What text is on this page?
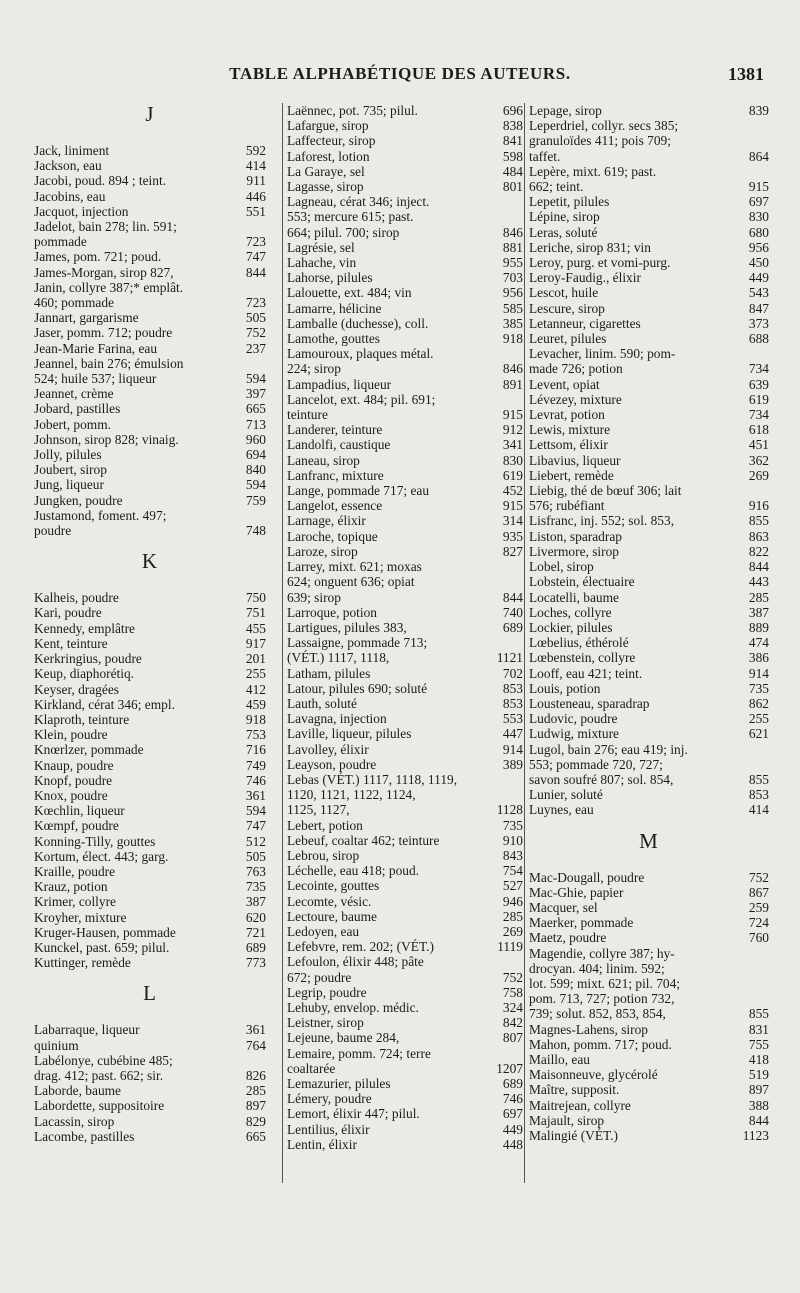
TABLE ALPHABÉTIQUE DES AUTEURS.	1381
J
Jack, liniment	592
Jackson, eau	414
Jacobi, poud. 894 ; teint.	911
Jacobins, eau	446
Jacquot, injection	551
Jadelot, bain 278; lin. 591;
pommade	723
James, pom. 721; poud.	747
James-Morgan, sirop 827,	844
Janin, collyre 387;* emplât.
460; pommade	723
Jannart, gargarisme	505
Jaser, pomm. 712; poudre	752
Jean-Marie Farina, eau	237
Jeannel, bain 276; émulsion
524; huile 537; liqueur	594
Jeannet, crème	397
Jobard, pastilles	665
Jobert, pomm.	713
Johnson, sirop 828; vinaig.	960
Jolly, pilules	694
Joubert, sirop	840
Jung, liqueur	594
Jungken, poudre	759
Justamond, foment. 497;
poudre	748
K
Kalheis, poudre	750
Kari, poudre	751
Kennedy, emplâtre	455
Kent, teinture	917
Kerkringius, poudre	201
Keup, diaphorétiq.	255
Keyser, dragées	412
Kirkland, cérat 346; empl.	459
Klaproth, teinture	918
Klein, poudre	753
Knœrlzer, pommade	716
Knaup, poudre	749
Knopf, poudre	746
Knox, poudre	361
Kœchlin, liqueur	594
Kœmpf, poudre	747
Konning-Tilly, gouttes	512
Kortum, élect. 443; garg.	505
Kraille, poudre	763
Krauz, potion	735
Krimer, collyre	387
Kroyher, mixture	620
Kruger-Hausen, pommade	721
Kunckel, past. 659; pilul.	689
Kuttinger, remède	773
L
Labarraque, liqueur	361
quinium	764
Labélonye, cubébine 485;
drag. 412; past. 662; sir.	826
Laborde, baume	285
Labordette, suppositoire	897
Lacassin, sirop	829
Lacombe, pastilles	665
Laënnec, pot. 735; pilul.	696
Lafargue, sirop	838
Laffecteur, sirop	841
Laforest, lotion	598
La Garaye, sel	484
Lagasse, sirop	801
Lagneau, cérat 346; inject.
553; mercure 615; past.
664; pilul. 700; sirop	846
Lagrésie, sel	881
Lahache, vin	955
Lahorse, pilules	703
Lalouette, ext. 484; vin	956
Lamarre, hélicine	585
Lamballe (duchesse), coll.	385
Lamothe, gouttes	918
Lamouroux, plaques métal.
224; sirop	846
Lampadius, liqueur	891
Lancelot, ext. 484; pil. 691;
teinture	915
Landerer, teinture	912
Landolfi, caustique	341
Laneau, sirop	830
Lanfranc, mixture	619
Lange, pommade 717; eau	452
Langelot, essence	915
Larnage, élixir	314
Laroche, topique	935
Laroze, sirop	827
Larrey, mixt. 621; moxas
624; onguent 636; opiat
639; sirop	844
Larroque, potion	740
Lartigues, pilules 383,	689
Lassaigne, pommade 713;
(VÉT.) 1117, 1118,	1121
Latham, pilules	702
Latour, pilules 690; soluté	853
Lauth, soluté	853
Lavagna, injection	553
Laville, liqueur, pilules	447
Lavolley, élixir	914
Leayson, poudre	389
Lebas (VÉT.) 1117, 1118, 1119,
1120, 1121, 1122, 1124,
1125, 1127,	1128
Lebert, potion	735
Lebeuf, coaltar 462; teinture	910
Lebrou, sirop	843
Léchelle, eau 418; poud.	754
Lecointe, gouttes	527
Lecomte, vésic.	946
Lectoure, baume	285
Ledoyen, eau	269
Lefebvre, rem. 202; (VÉT.)	1119
Lefoulon, élixir 448; pâte
672; poudre	752
Legrip, poudre	758
Lehuby, envelop. médic.	324
Leistner, sirop	842
Lejeune, baume 284,	807
Lemaire, pomm. 724; terre
coaltarée	1207
Lemazurier, pilules	689
Lémery, poudre	746
Lemort, élixir 447; pilul.	697
Lentilius, élixir	449
Lentin, élixir	448
Lepage, sirop	839
Leperdriel, collyr. secs 385;
granuloïdes 411; pois 709;
taffet.	864
Lepère, mixt. 619; past.
662; teint.	915
Lepetit, pilules	697
Lépine, sirop	830
Leras, soluté	680
Leriche, sirop 831; vin	956
Leroy, purg. et vomi-purg.	450
Leroy-Faudig., élixir	449
Lescot, huile	543
Lescure, sirop	847
Letanneur, cigarettes	373
Leuret, pilules	688
Levacher, linim. 590; pom-
made 726; potion	734
Levent, opiat	639
Lévezey, mixture	619
Levrat, potion	734
Lewis, mixture	618
Lettsom, élixir	451
Libavius, liqueur	362
Liebert, remède	269
Liebig, thé de bœuf 306; lait
576; rubéfiant	916
Lisfranc, inj. 552; sol. 853,	855
Liston, sparadrap	863
Livermore, sirop	822
Lobel, sirop	844
Lobstein, électuaire	443
Locatelli, baume	285
Loches, collyre	387
Lockier, pilules	889
Lœbelius, éthérolé	474
Lœbenstein, collyre	386
Looff, eau 421; teint.	914
Louis, potion	735
Lousteneau, sparadrap	862
Ludovic, poudre	255
Ludwig, mixture	621
Lugol, bain 276; eau 419; inj.
553; pommade 720, 727;
savon soufré 807; sol. 854,	855
Lunier, soluté	853
Luynes, eau	414
M
Mac-Dougall, poudre	752
Mac-Ghie, papier	867
Macquer, sel	259
Maerker, pommade	724
Maetz, poudre	760
Magendie, collyre 387; hy-
drocyan. 404; linim. 592;
lot. 599; mixt. 621; pil. 704;
pom. 713, 727; potion 732,
739; solut. 852, 853, 854,	855
Magnes-Lahens, sirop	831
Mahon, pomm. 717; poud.	755
Maillo, eau	418
Maisonneuve, glycérolé	519
Maître, supposit.	897
Maitrejean, collyre	388
Majault, sirop	844
Malingié (VÉT.)	1123
